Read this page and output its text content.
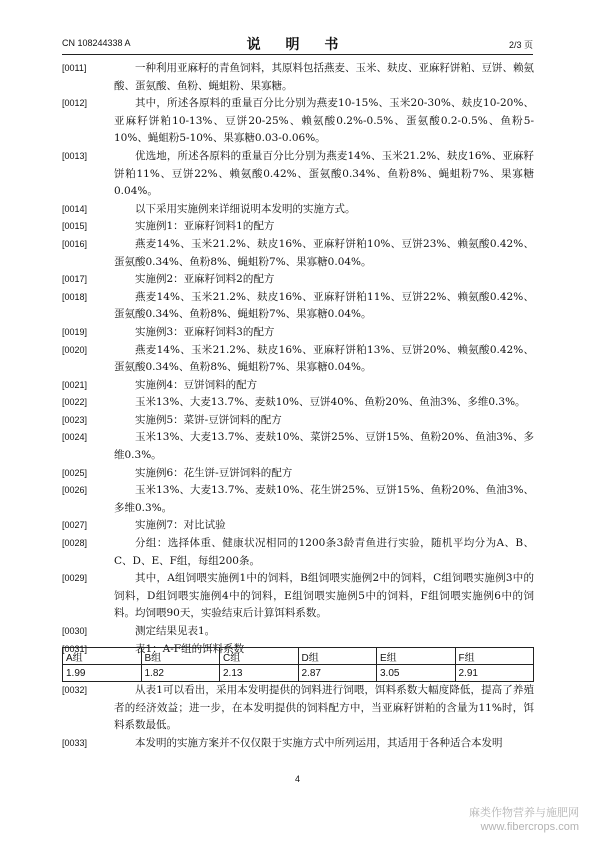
CN 108244338 A	说 明 书	2/3 页
[0011]	一种利用亚麻籽的青鱼饲料，其原料包括燕麦、玉米、麸皮、亚麻籽饼粕、豆饼、赖氨酸、蛋氨酸、鱼粉、蝇蛆粉、果寡糖。
[0012]	其中，所述各原料的重量百分比分别为燕麦10-15%、玉米20-30%、麸皮10-20%、亚麻籽饼粕10-13%、豆饼20-25%、赖氨酸0.2%-0.5%、蛋氨酸0.2-0.5%、鱼粉5-10%、蝇蛆粉5-10%、果寡糖0.03-0.06%。
[0013]	优选地，所述各原料的重量百分比分别为燕麦14%、玉米21.2%、麸皮16%、亚麻籽饼粕11%、豆饼22%、赖氨酸0.42%、蛋氨酸0.34%、鱼粉8%、蝇蛆粉7%、果寡糖0.04%。
[0014]	以下采用实施例来详细说明本发明的实施方式。
[0015]	实施例1：亚麻籽饲料1的配方
[0016]	燕麦14%、玉米21.2%、麸皮16%、亚麻籽饼粕10%、豆饼23%、赖氨酸0.42%、蛋氨酸0.34%、鱼粉8%、蝇蛆粉7%、果寡糖0.04%。
[0017]	实施例2：亚麻籽饲料2的配方
[0018]	燕麦14%、玉米21.2%、麸皮16%、亚麻籽饼粕11%、豆饼22%、赖氨酸0.42%、蛋氨酸0.34%、鱼粉8%、蝇蛆粉7%、果寡糖0.04%。
[0019]	实施例3：亚麻籽饲料3的配方
[0020]	燕麦14%、玉米21.2%、麸皮16%、亚麻籽饼粕13%、豆饼20%、赖氨酸0.42%、蛋氨酸0.34%、鱼粉8%、蝇蛆粉7%、果寡糖0.04%。
[0021]	实施例4：豆饼饲料的配方
[0022]	玉米13%、大麦13.7%、麦麸10%、豆饼40%、鱼粉20%、鱼油3%、多维0.3%。
[0023]	实施例5：菜饼-豆饼饲料的配方
[0024]	玉米13%、大麦13.7%、麦麸10%、菜饼25%、豆饼15%、鱼粉20%、鱼油3%、多维0.3%。
[0025]	实施例6：花生饼-豆饼饲料的配方
[0026]	玉米13%、大麦13.7%、麦麸10%、花生饼25%、豆饼15%、鱼粉20%、鱼油3%、多维0.3%。
[0027]	实施例7：对比试验
[0028]	分组：选择体重、健康状况相同的1200条3龄青鱼进行实验，随机平均分为A、B、C、D、E、F组，每组200条。
[0029]	其中，A组饲喂实施例1中的饲料，B组饲喂实施例2中的饲料，C组饲喂实施例3中的饲料，D组饲喂实施例4中的饲料，E组饲喂实施例5中的饲料，F组饲喂实施例6中的饲料。均饲喂90天，实验结束后计算饵料系数。
[0030]	测定结果见表1。
[0031]	表1：A-F组的饵料系数
A组	B组	C组	D组	E组	F组
1.99	1.82	2.13	2.87	3.05	2.91
[0032]	从表1可以看出，采用本发明提供的饲料进行饲喂，饵料系数大幅度降低，提高了养殖者的经济效益；进一步，在本发明提供的饲料配方中，当亚麻籽饼粕的含量为11%时，饵料系数最低。
[0033]	本发明的实施方案并不仅仅限于实施方式中所列运用，其适用于各种适合本发明
4
麻类作物营养与施肥网
www.fibercrops.com
